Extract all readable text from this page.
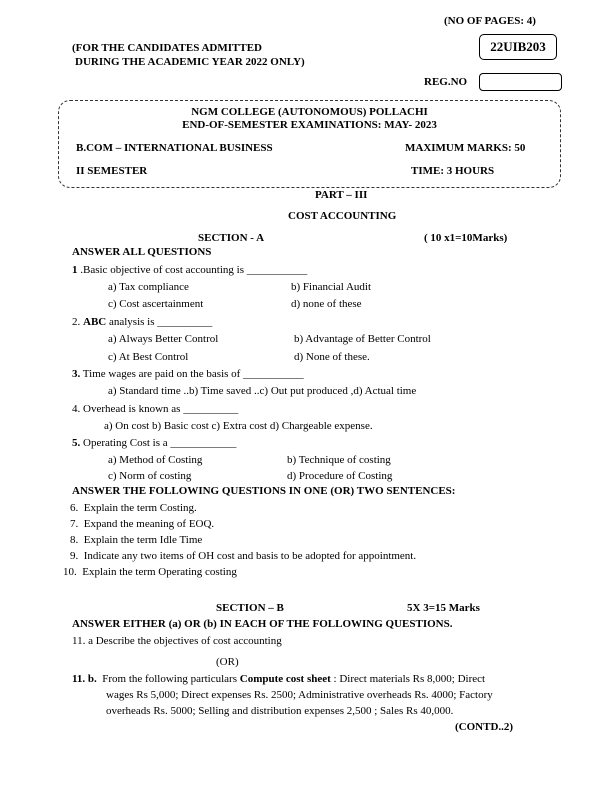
(NO OF PAGES: 4)
(FOR THE CANDIDATES ADMITTED
DURING THE ACADEMIC YEAR 2022 ONLY)
22UIB203
REG.NO
NGM COLLEGE (AUTONOMOUS) POLLACHI
END-OF-SEMESTER EXAMINATIONS: MAY- 2023
B.COM – INTERNATIONAL BUSINESS	MAXIMUM MARKS: 50
II SEMESTER	TIME: 3 HOURS
PART – III
COST ACCOUNTING
SECTION - A	( 10 x1=10Marks)
ANSWER ALL QUESTIONS
1 .Basic objective of cost accounting is ___________
a) Tax compliance	b) Financial Audit
c) Cost ascertainment	d) none of these
2. ABC analysis is __________
a) Always Better Control	b) Advantage of Better Control
c) At Best Control	d) None of these.
3. Time wages are paid on the basis of ___________
a) Standard time ..b) Time saved ..c) Out put produced ,d) Actual time
4. Overhead is known as __________
a) On cost b) Basic cost c) Extra cost d) Chargeable expense.
5. Operating Cost is a ____________
a) Method of Costing	b) Technique of costing
c) Norm of costing	d) Procedure of Costing
ANSWER THE FOLLOWING QUESTIONS IN ONE (OR) TWO SENTENCES:
6. Explain the term Costing.
7. Expand the meaning of EOQ.
8. Explain the term Idle Time
9. Indicate any two items of OH cost and basis to be adopted for appointment.
10. Explain the term Operating costing
SECTION – B	5X 3=15 Marks
ANSWER EITHER (a) OR (b) IN EACH OF THE FOLLOWING QUESTIONS.
11. a Describe the objectives of cost accounting
(OR)
11. b. From the following particulars Compute cost sheet : Direct materials Rs 8,000; Direct
wages Rs 5,000; Direct expenses Rs. 2500; Administrative overheads Rs. 4000; Factory
overheads Rs. 5000; Selling and distribution expenses 2,500 ; Sales Rs 40,000.
(CONTD..2)
